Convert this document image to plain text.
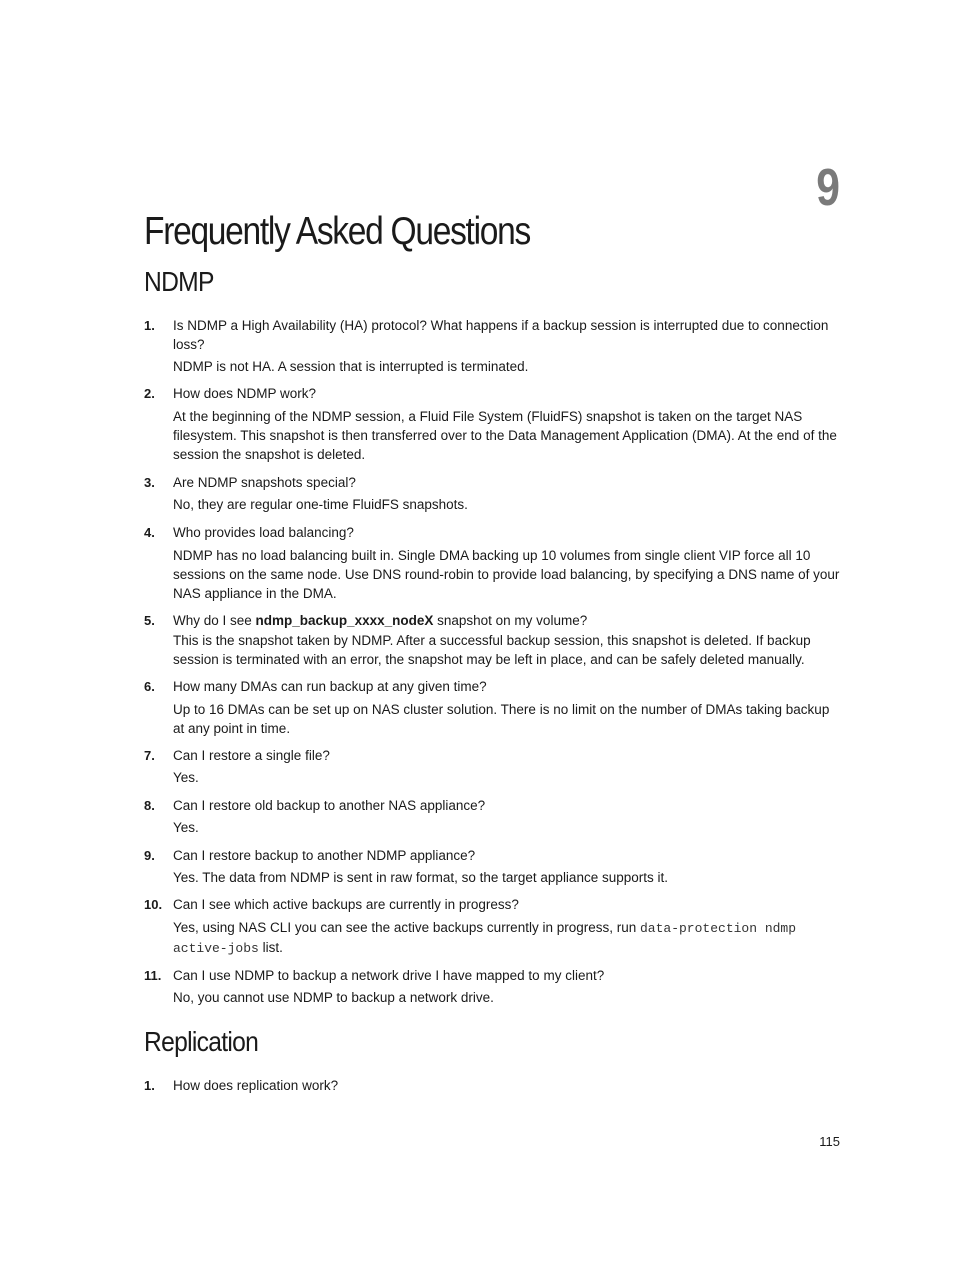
9
Frequently Asked Questions
NDMP
1. Is NDMP a High Availability (HA) protocol? What happens if a backup session is interrupted due to connection loss?

NDMP is not HA. A session that is interrupted is terminated.

2. How does NDMP work?

At the beginning of the NDMP session, a Fluid File System (FluidFS) snapshot is taken on the target NAS filesystem. This snapshot is then transferred over to the Data Management Application (DMA). At the end of the session the snapshot is deleted.

3. Are NDMP snapshots special?

No, they are regular one-time FluidFS snapshots.

4. Who provides load balancing?

NDMP has no load balancing built in. Single DMA backing up 10 volumes from single client VIP force all 10 sessions on the same node. Use DNS round-robin to provide load balancing, by specifying a DNS name of your NAS appliance in the DMA.

5. Why do I see ndmp_backup_xxxx_nodeX snapshot on my volume?

This is the snapshot taken by NDMP. After a successful backup session, this snapshot is deleted. If backup session is terminated with an error, the snapshot may be left in place, and can be safely deleted manually.

6. How many DMAs can run backup at any given time?

Up to 16 DMAs can be set up on NAS cluster solution. There is no limit on the number of DMAs taking backup at any point in time.

7. Can I restore a single file?

Yes.

8. Can I restore old backup to another NAS appliance?

Yes.

9. Can I restore backup to another NDMP appliance?

Yes. The data from NDMP is sent in raw format, so the target appliance supports it.

10. Can I see which active backups are currently in progress?

Yes, using NAS CLI you can see the active backups currently in progress, run data-protection ndmp active-jobs list.

11. Can I use NDMP to backup a network drive I have mapped to my client?

No, you cannot use NDMP to backup a network drive.

Replication
1. How does replication work?

115
